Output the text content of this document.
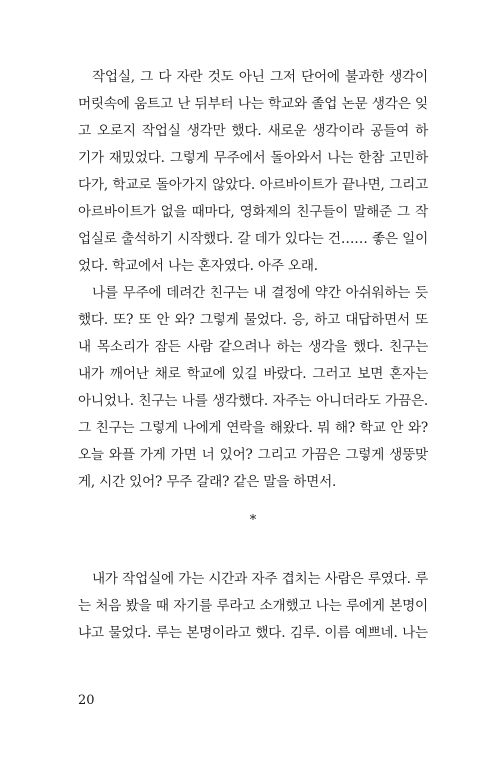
작업실, 그 다 자란 것도 아닌 그저 단어에 불과한 생각이
머릿속에 움트고 난 뒤부터 나는 학교와 졸업 논문 생각은 잊
고 오로지 작업실 생각만 했다. 새로운 생각이라 공들여 하
기가 재밌었다. 그렇게 무주에서 돌아와서 나는 한참 고민하
다가, 학교로 돌아가지 않았다. 아르바이트가 끝나면, 그리고
아르바이트가 없을 때마다, 영화제의 친구들이 말해준 그 작
업실로 출석하기 시작했다. 갈 데가 있다는 건…… 좋은 일이
었다. 학교에서 나는 혼자였다. 아주 오래.
나를 무주에 데려간 친구는 내 결정에 약간 아쉬워하는 듯
했다. 또? 또 안 와? 그렇게 물었다. 응, 하고 대답하면서 또
내 목소리가 잠든 사람 같으려나 하는 생각을 했다. 친구는
내가 깨어난 채로 학교에 있길 바랐다. 그러고 보면 혼자는
아니었나. 친구는 나를 생각했다. 자주는 아니더라도 가끔은.
그 친구는 그렇게 나에게 연락을 해왔다. 뭐 해? 학교 안 와?
오늘 와플 가게 가면 너 있어? 그리고 가끔은 그렇게 생뚱맞
게, 시간 있어? 무주 갈래? 같은 말을 하면서.
*
내가 작업실에 가는 시간과 자주 겹치는 사람은 루였다. 루
는 처음 봤을 때 자기를 루라고 소개했고 나는 루에게 본명이
냐고 물었다. 루는 본명이라고 했다. 김루. 이름 예쁘네. 나는
20
